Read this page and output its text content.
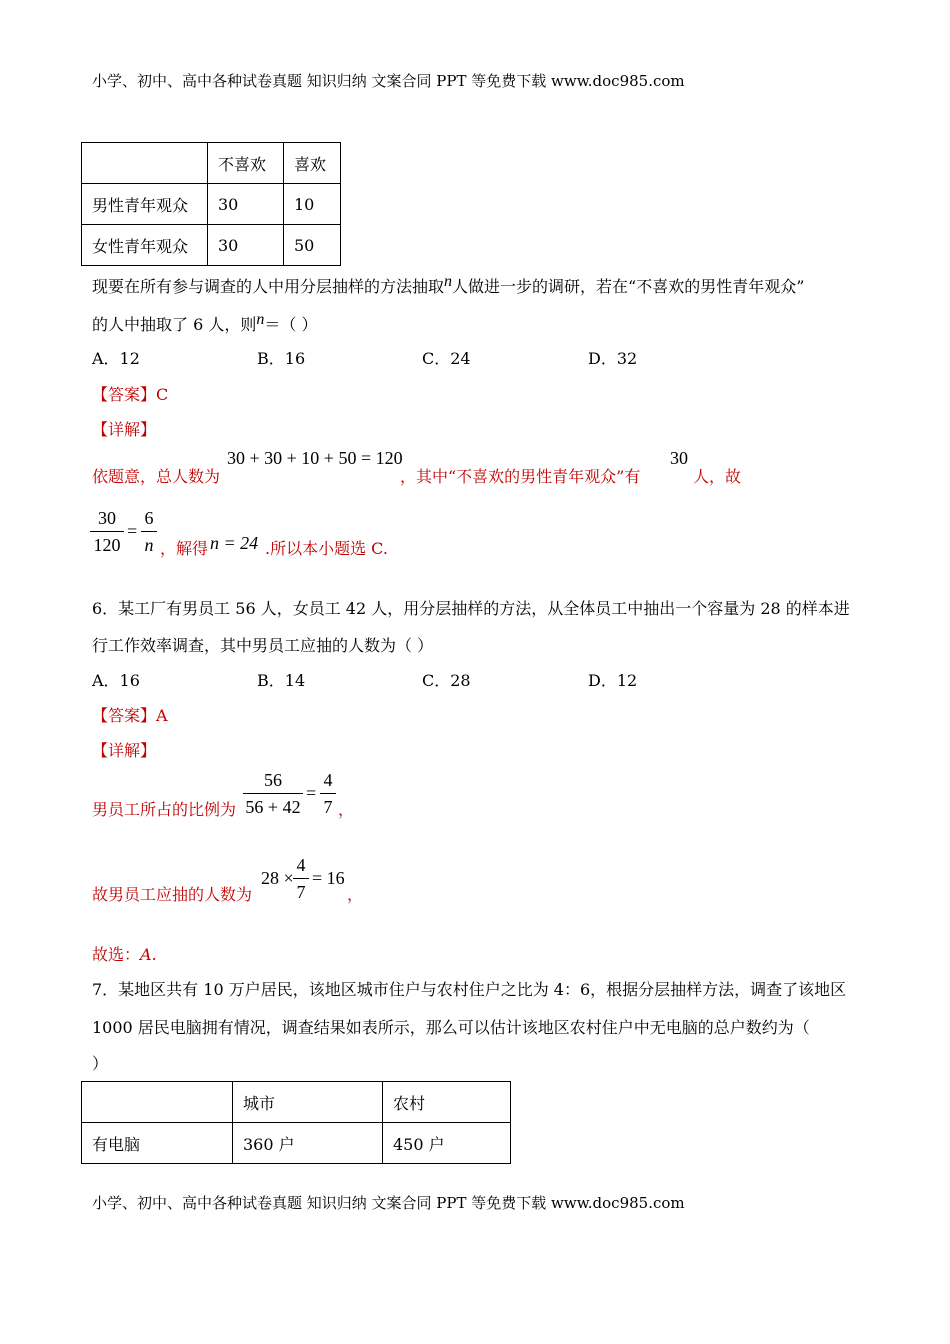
小学、初中、高中各种试卷真题 知识归纳 文案合同 PPT 等免费下载 www.doc985.com
	不喜欢	喜欢
男性青年观众	30	10
女性青年观众	30	50
现要在所有参与调查的人中用分层抽样的方法抽取n人做进一步的调研，若在“不喜欢的男性青年观众”
的人中抽取了 6 人，则n＝（ ）
A．12	B．16	C．24	D．32
【答案】C
【详解】
依题意，总人数为
30 + 30 + 10 + 50 = 120
，其中“不喜欢的男性青年观众”有
30
人，故
30
120
=
6
n ，解得 n = 24 .所以本小题选 C.
6．某工厂有男员工 56 人，女员工 42 人，用分层抽样的方法，从全体员工中抽出一个容量为 28 的样本进
行工作效率调查，其中男员工应抽的人数为（ ）
A．16	B．14	C．28	D．12
【答案】A
【详解】
男员工所占的比例为
56
56 + 42
=
4
7 ，
故男员工应抽的人数为
28 ×
4
7
= 16
，
故选：A.
7．某地区共有 10 万户居民，该地区城市住户与农村住户之比为 4：6，根据分层抽样方法，调查了该地区
1000 居民电脑拥有情况，调查结果如表所示，那么可以估计该地区农村住户中无电脑的总户数约为（
）
	城市	农村
有电脑	360 户	450 户
小学、初中、高中各种试卷真题 知识归纳 文案合同 PPT 等免费下载 www.doc985.com
